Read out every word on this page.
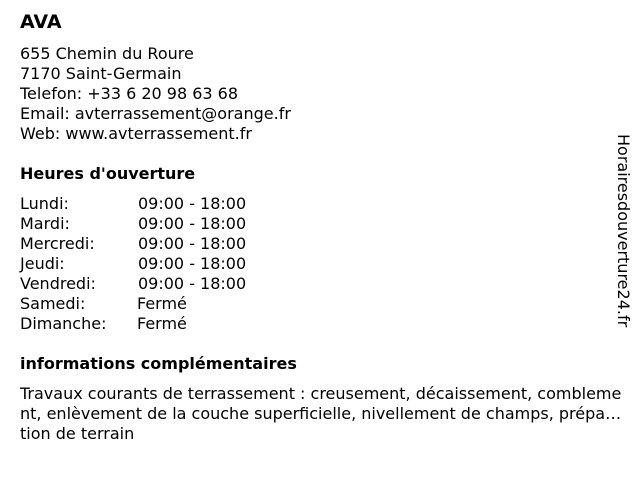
AVA
655 Chemin du Roure
7170 Saint-Germain
Telefon: +33 6 20 98 63 68
Email: avterrassement@orange.fr
Web: www.avterrassement.fr
Heures d'ouverture
Lundi:	09:00 - 18:00
Mardi:	09:00 - 18:00
Mercredi:	09:00 - 18:00
Jeudi:	09:00 - 18:00
Vendredi:	09:00 - 18:00
Samedi:	Fermé
Dimanche: Fermé
informations complémentaires
Travaux courants de terrassement : creusement, décaissement, comblement, enlèvement de la couche superficielle, nivellement de champs, préparation de terrain
Horairesdouverture24.fr
